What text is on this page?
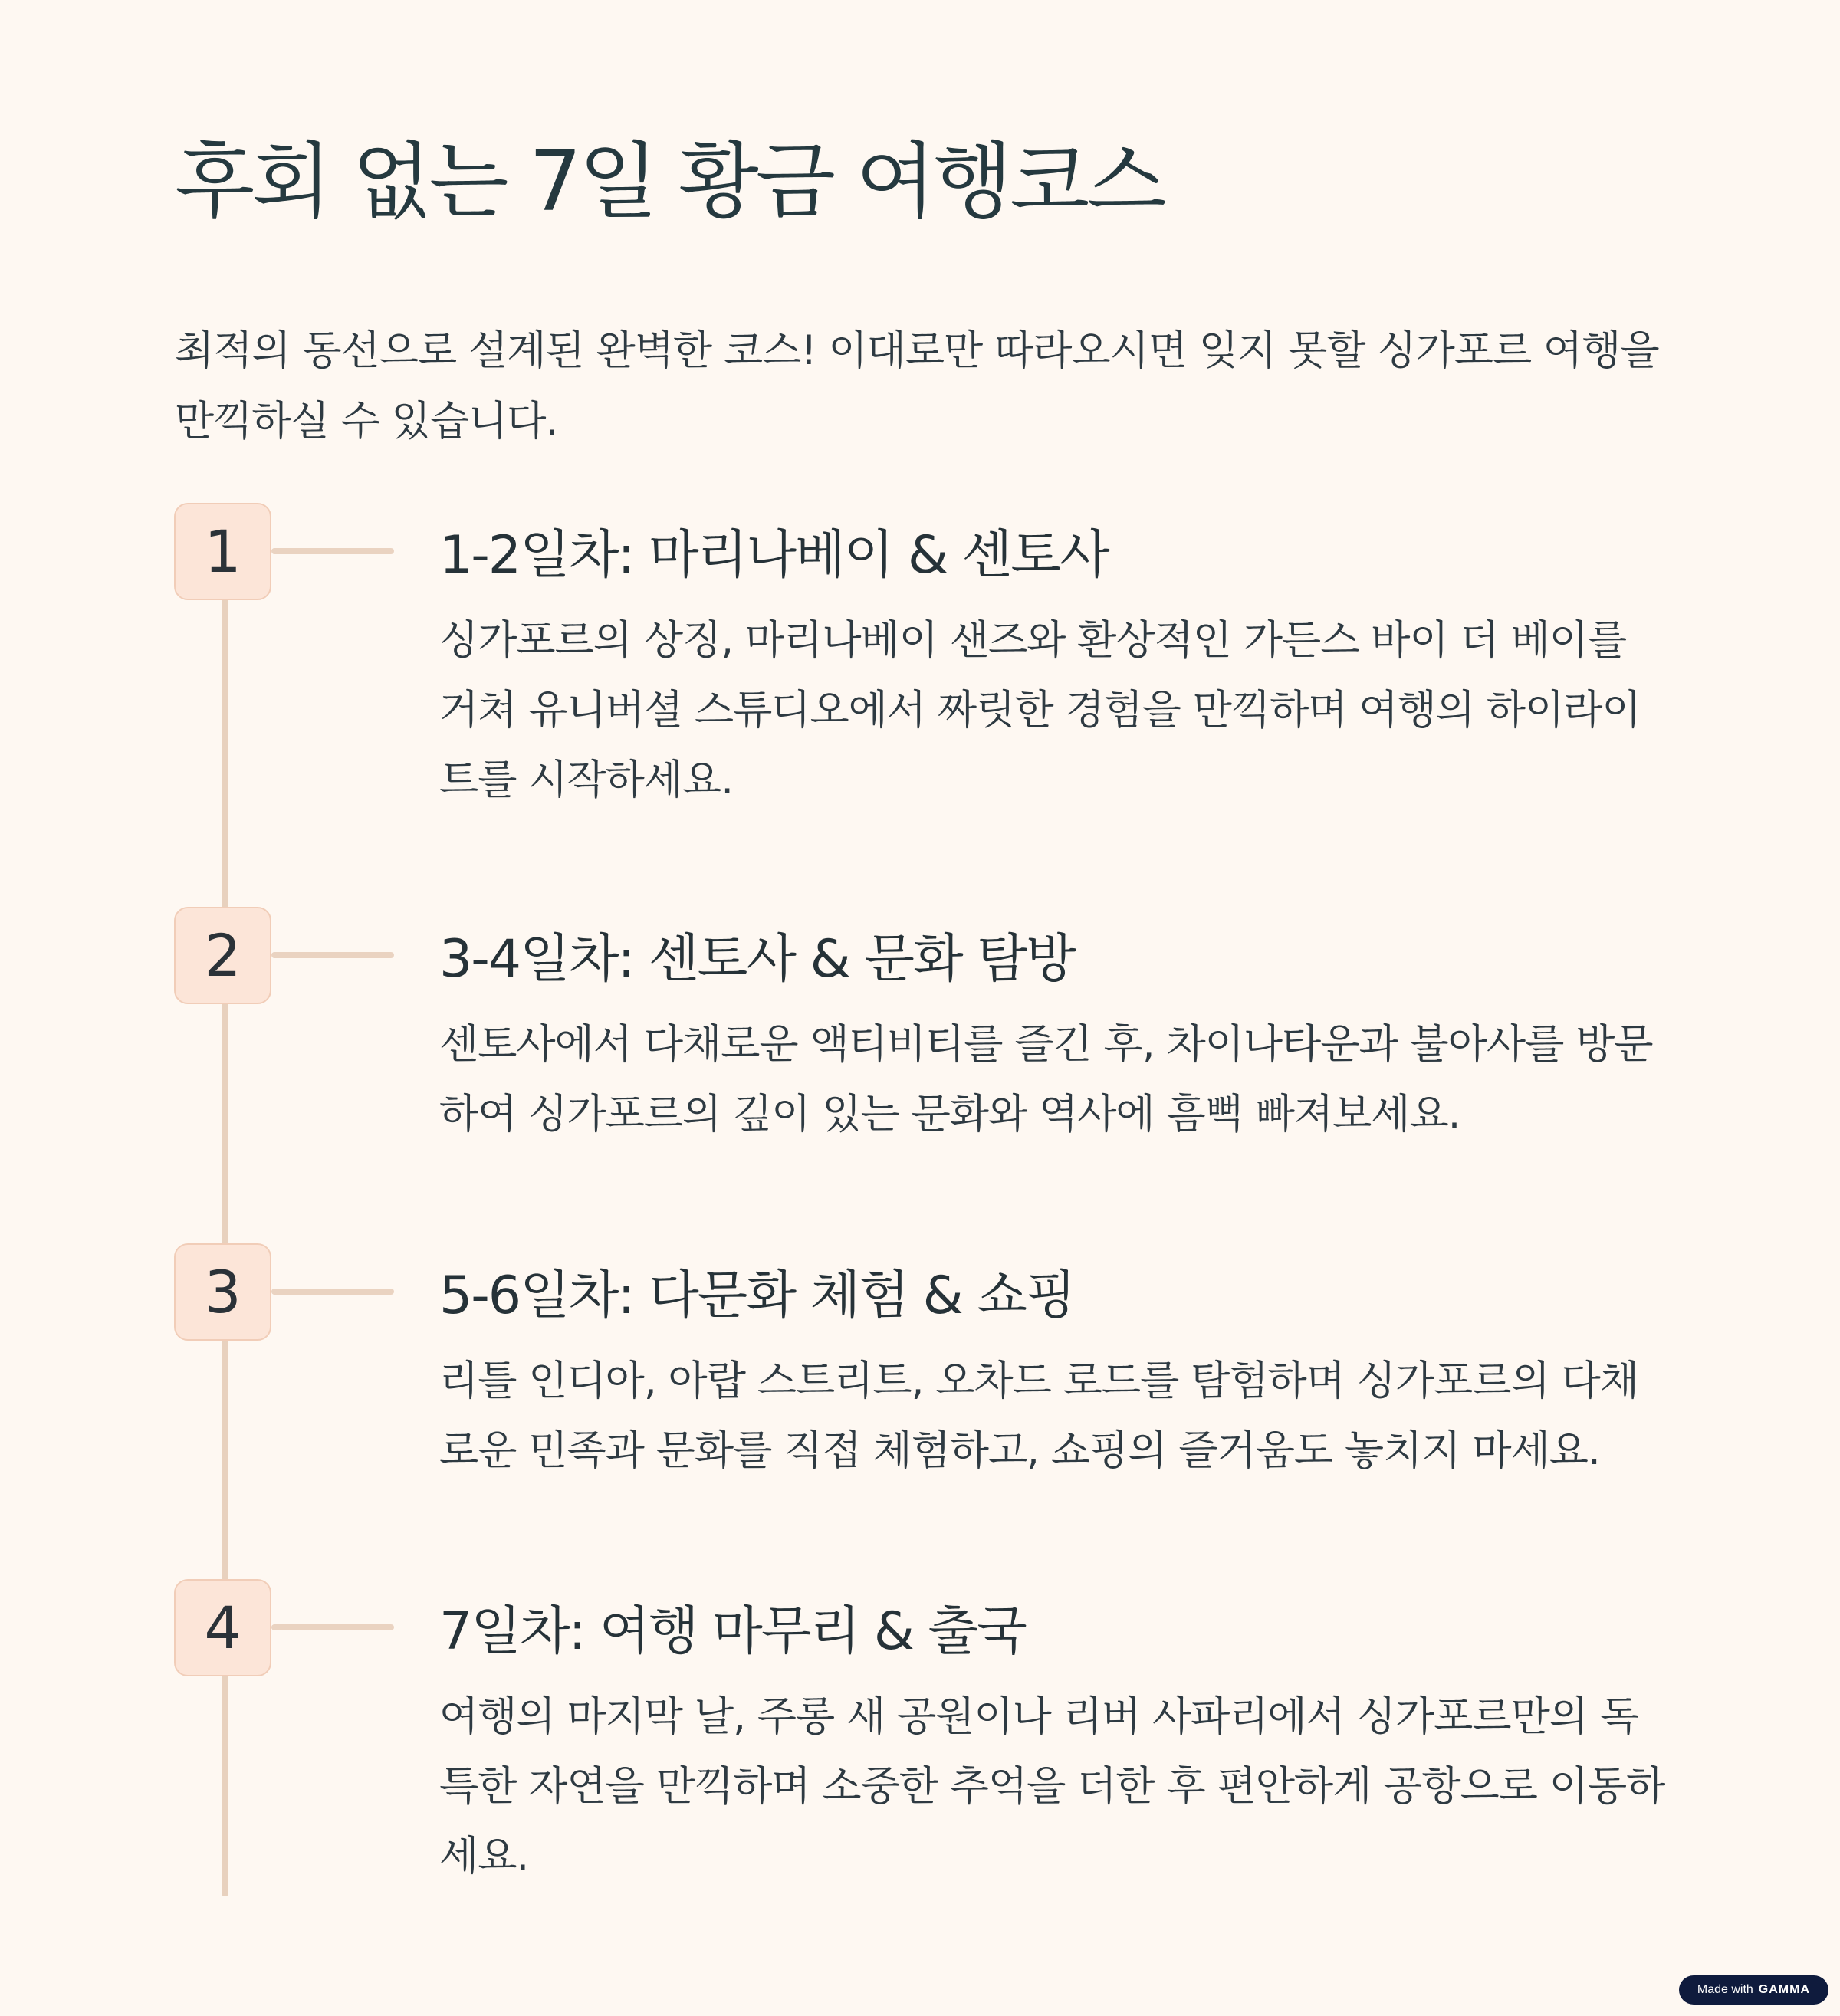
후회 없는 7일 황금 여행코스

최적의 동선으로 설계된 완벽한 코스! 이대로만 따라오시면 잊지 못할 싱가포르 여행을 만끽하실 수 있습니다.

1	1-2일차: 마리나베이 & 센토사

싱가포르의 상징, 마리나베이 샌즈와 환상적인 가든스 바이 더 베이를 거쳐 유니버셜 스튜디오에서 짜릿한 경험을 만끽하며 여행의 하이라이트를 시작하세요.

2	3-4일차: 센토사 & 문화 탐방

센토사에서 다채로운 액티비티를 즐긴 후, 차이나타운과 불아사를 방문하여 싱가포르의 깊이 있는 문화와 역사에 흠뻑 빠져보세요.

3	5-6일차: 다문화 체험 & 쇼핑

리틀 인디아, 아랍 스트리트, 오차드 로드를 탐험하며 싱가포르의 다채로운 민족과 문화를 직접 체험하고, 쇼핑의 즐거움도 놓치지 마세요.

4	7일차: 여행 마무리 & 출국

여행의 마지막 날, 주롱 새 공원이나 리버 사파리에서 싱가포르만의 독특한 자연을 만끽하며 소중한 추억을 더한 후 편안하게 공항으로 이동하세요.

Made with GAMMA
